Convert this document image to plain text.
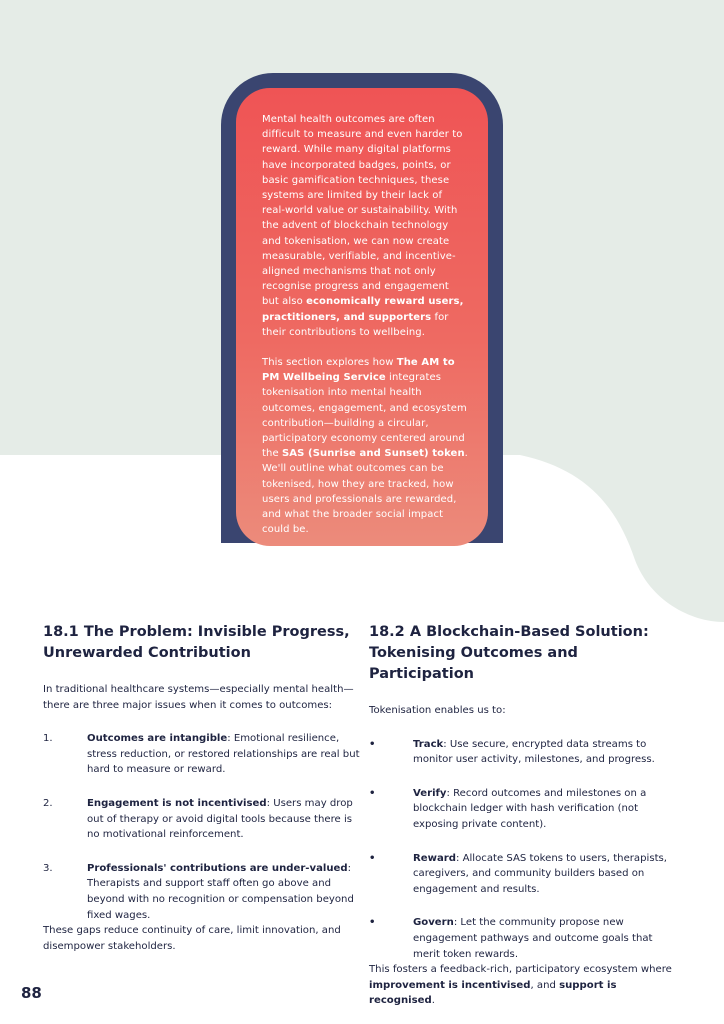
Mental health outcomes are often difficult to measure and even harder to reward. While many digital platforms have incorporated badges, points, or basic gamification techniques, these systems are limited by their lack of real-world value or sustainability. With the advent of blockchain technology and tokenisation, we can now create measurable, verifiable, and incentive-aligned mechanisms that not only recognise progress and engagement but also economically reward users, practitioners, and supporters for their contributions to wellbeing.

This section explores how The AM to PM Wellbeing Service integrates tokenisation into mental health outcomes, engagement, and ecosystem contribution—building a circular, participatory economy centered around the SAS (Sunrise and Sunset) token. We'll outline what outcomes can be tokenised, how they are tracked, how users and professionals are rewarded, and what the broader social impact could be.

18.1 The Problem: Invisible Progress, Unrewarded Contribution

In traditional healthcare systems—especially mental health—there are three major issues when it comes to outcomes:

1.	Outcomes are intangible: Emotional resilience, stress reduction, or restored relationships are real but hard to measure or reward.
2.	Engagement is not incentivised: Users may drop out of therapy or avoid digital tools because there is no motivational reinforcement.
3.	Professionals' contributions are under-valued: Therapists and support staff often go above and beyond with no recognition or compensation beyond fixed wages.

These gaps reduce continuity of care, limit innovation, and disempower stakeholders.

18.2 A Blockchain-Based Solution: Tokenising Outcomes and Participation

Tokenisation enables us to:

•	Track: Use secure, encrypted data streams to monitor user activity, milestones, and progress.
•	Verify: Record outcomes and milestones on a blockchain ledger with hash verification (not exposing private content).
•	Reward: Allocate SAS tokens to users, therapists, caregivers, and community builders based on engagement and results.
•	Govern: Let the community propose new engagement pathways and outcome goals that merit token rewards.

This fosters a feedback-rich, participatory ecosystem where improvement is incentivised, and support is recognised.

88
